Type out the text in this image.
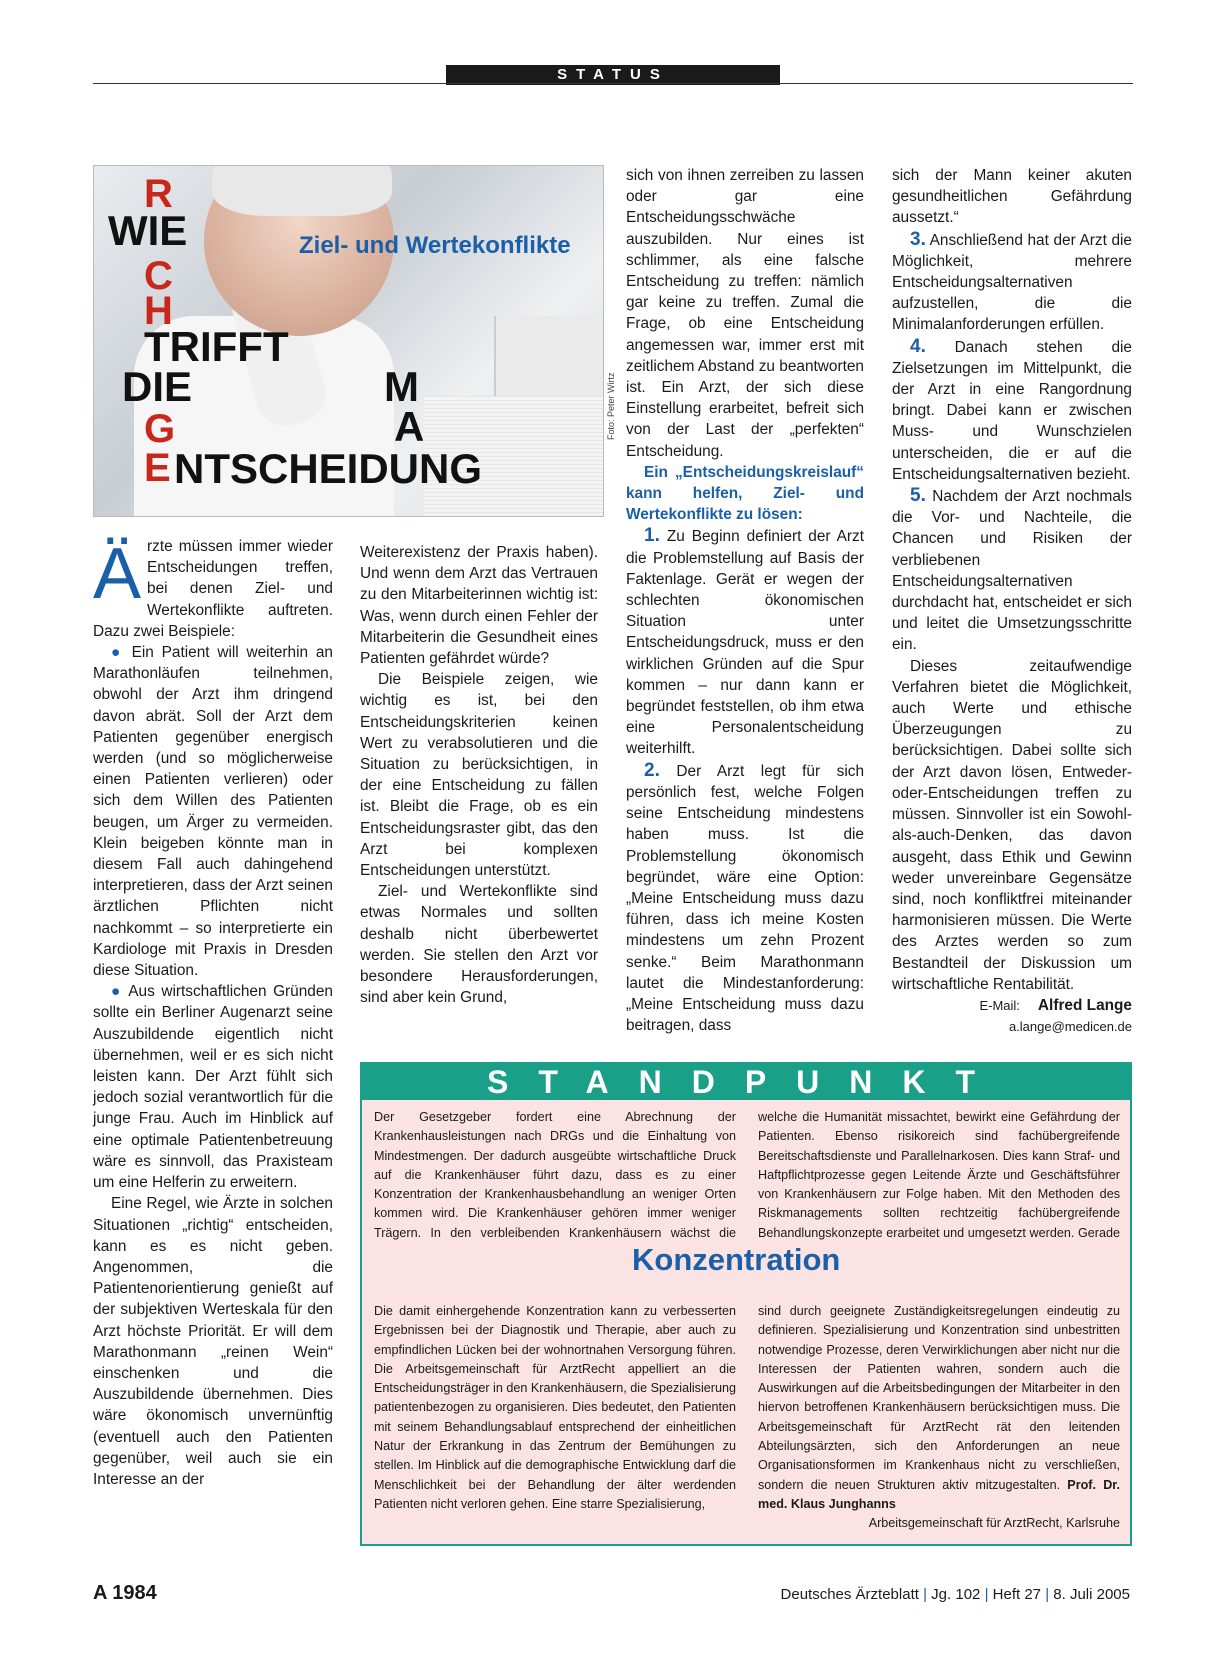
STATUS
Ziel- und Wertekonflikte
R
WIE
C
H
TRIFFT
DIE	M
G	A
E NTSCHEIDUNG
Foto: Peter Wirtz

Ärzte müssen immer wieder Entscheidungen treffen, bei denen Ziel- und Wertekonflikte auftreten. Dazu zwei Beispiele:

● Ein Patient will weiterhin an Marathonläufen teilnehmen, obwohl der Arzt ihm dringend davon abrät. Soll der Arzt dem Patienten gegenüber energisch werden (und so möglicherweise einen Patienten verlieren) oder sich dem Willen des Patienten beugen, um Ärger zu vermeiden. Klein beigeben könnte man in diesem Fall auch dahingehend interpretieren, dass der Arzt seinen ärztlichen Pflichten nicht nachkommt – so interpretierte ein Kardiologe mit Praxis in Dresden diese Situation.

● Aus wirtschaftlichen Gründen sollte ein Berliner Augenarzt seine Auszubildende eigentlich nicht übernehmen, weil er es sich nicht leisten kann. Der Arzt fühlt sich jedoch sozial verantwortlich für die junge Frau. Auch im Hinblick auf eine optimale Patientenbetreuung wäre es sinnvoll, das Praxisteam um eine Helferin zu erweitern.

Eine Regel, wie Ärzte in solchen Situationen „richtig“ entscheiden, kann es es nicht geben. Angenommen, die Patientenorientierung genießt auf der subjektiven Werteskala für den Arzt höchste Priorität. Er will dem Marathonmann „reinen Wein“ einschenken und die Auszubildende übernehmen. Dies wäre ökonomisch unvernünftig (eventuell auch den Patienten gegenüber, weil auch sie ein Interesse an der

Weiterexistenz der Praxis haben). Und wenn dem Arzt das Vertrauen zu den Mitarbeiterinnen wichtig ist: Was, wenn durch einen Fehler der Mitarbeiterin die Gesundheit eines Patienten gefährdet würde?

Die Beispiele zeigen, wie wichtig es ist, bei den Entscheidungskriterien keinen Wert zu verabsolutieren und die Situation zu berücksichtigen, in der eine Entscheidung zu fällen ist. Bleibt die Frage, ob es ein Entscheidungsraster gibt, das den Arzt bei komplexen Entscheidungen unterstützt.

Ziel- und Wertekonflikte sind etwas Normales und sollten deshalb nicht überbewertet werden. Sie stellen den Arzt vor besondere Herausforderungen, sind aber kein Grund,

sich von ihnen zerreiben zu lassen oder gar eine Entscheidungsschwäche auszubilden. Nur eines ist schlimmer, als eine falsche Entscheidung zu treffen: nämlich gar keine zu treffen. Zumal die Frage, ob eine Entscheidung angemessen war, immer erst mit zeitlichem Abstand zu beantworten ist. Ein Arzt, der sich diese Einstellung erarbeitet, befreit sich von der Last der „perfekten“ Entscheidung.

Ein „Entscheidungskreislauf“ kann helfen, Ziel- und Wertekonflikte zu lösen:

1. Zu Beginn definiert der Arzt die Problemstellung auf Basis der Faktenlage. Gerät er wegen der schlechten ökonomischen Situation unter Entscheidungsdruck, muss er den wirklichen Gründen auf die Spur kommen – nur dann kann er begründet feststellen, ob ihm etwa eine Personalentscheidung weiterhilft.

2. Der Arzt legt für sich persönlich fest, welche Folgen seine Entscheidung mindestens haben muss. Ist die Problemstellung ökonomisch begründet, wäre eine Option: „Meine Entscheidung muss dazu führen, dass ich meine Kosten mindestens um zehn Prozent senke.“ Beim Marathonmann lautet die Mindestanforderung: „Meine Entscheidung muss dazu beitragen, dass

sich der Mann keiner akuten gesundheitlichen Gefährdung aussetzt.“

3. Anschließend hat der Arzt die Möglichkeit, mehrere Entscheidungsalternativen aufzustellen, die die Minimalanforderungen erfüllen.

4. Danach stehen die Zielsetzungen im Mittelpunkt, die der Arzt in eine Rangordnung bringt. Dabei kann er zwischen Muss- und Wunschzielen unterscheiden, die er auf die Entscheidungsalternativen bezieht.

5. Nachdem der Arzt nochmals die Vor- und Nachteile, die Chancen und Risiken der verbliebenen Entscheidungsalternativen durchdacht hat, entscheidet er sich und leitet die Umsetzungsschritte ein.

Dieses zeitaufwendige Verfahren bietet die Möglichkeit, auch Werte und ethische Überzeugungen zu berücksichtigen. Dabei sollte sich der Arzt davon lösen, Entweder-oder-Entscheidungen treffen zu müssen. Sinnvoller ist ein Sowohl-als-auch-Denken, das davon ausgeht, dass Ethik und Gewinn weder unvereinbare Gegensätze sind, noch konfliktfrei miteinander harmonisieren müssen. Die Werte des Arztes werden so zum Bestandteil der Diskussion um wirtschaftliche Rentabilität.
Alfred Lange

E-Mail: a.lange@medicen.de

STANDPUNKT
Der Gesetzgeber fordert eine Abrechnung der Krankenhausleistungen nach DRGs und die Einhaltung von Mindestmengen. Der dadurch ausgeübte wirtschaftliche Druck auf die Krankenhäuser führt dazu, dass es zu einer Konzentration der Krankenhausbehandlung an weniger Orten kommen wird. Die Krankenhäuser gehören immer weniger Trägern. In den verbleibenden Krankenhäusern wächst die
Die damit einhergehende Konzentration kann zu verbesserten Ergebnissen bei der Diagnostik und Therapie, aber auch zu empfindlichen Lücken bei der wohnortnahen Versorgung führen. Die Arbeitsgemeinschaft für ArztRecht appelliert an die Entscheidungsträger in den Krankenhäusern, die Spezialisierung patientenbezogen zu organisieren. Dies bedeutet, den Patienten mit seinem Behandlungsablauf entsprechend der einheitlichen Natur der Erkrankung in das Zentrum der Bemühungen zu stellen. Im Hinblick auf die demographische Entwicklung darf die Menschlichkeit bei der Behandlung der älter werdenden Patienten nicht verloren gehen. Eine starre Spezialisierung,
welche die Humanität missachtet, bewirkt eine Gefährdung der Patienten. Ebenso risikoreich sind fachübergreifende Bereitschaftsdienste und Parallelnarkosen. Dies kann Straf- und Haftpflichtprozesse gegen Leitende Ärzte und Geschäftsführer von Krankenhäusern zur Folge haben. Mit den Methoden des Riskmanagements sollten rechtzeitig fachübergreifende Behandlungskonzepte erarbeitet und umgesetzt werden. Gerade
sind durch geeignete Zuständigkeitsregelungen eindeutig zu definieren. Spezialisierung und Konzentration sind unbestritten notwendige Prozesse, deren Verwirklichungen aber nicht nur die Interessen der Patienten wahren, sondern auch die Auswirkungen auf die Arbeitsbedingungen der Mitarbeiter in den hiervon betroffenen Krankenhäusern berücksichtigen muss. Die Arbeitsgemeinschaft für ArztRecht rät den leitenden Abteilungsärzten, sich den Anforderungen an neue Organisationsformen im Krankenhaus nicht zu verschließen, sondern die neuen Strukturen aktiv mitzugestalten. Prof. Dr. med. Klaus Junghanns
Arbeitsgemeinschaft für ArztRecht, Karlsruhe
Konzentration
A 1984	Deutsches Ärzteblatt | Jg. 102 | Heft 27 | 8. Juli 2005
